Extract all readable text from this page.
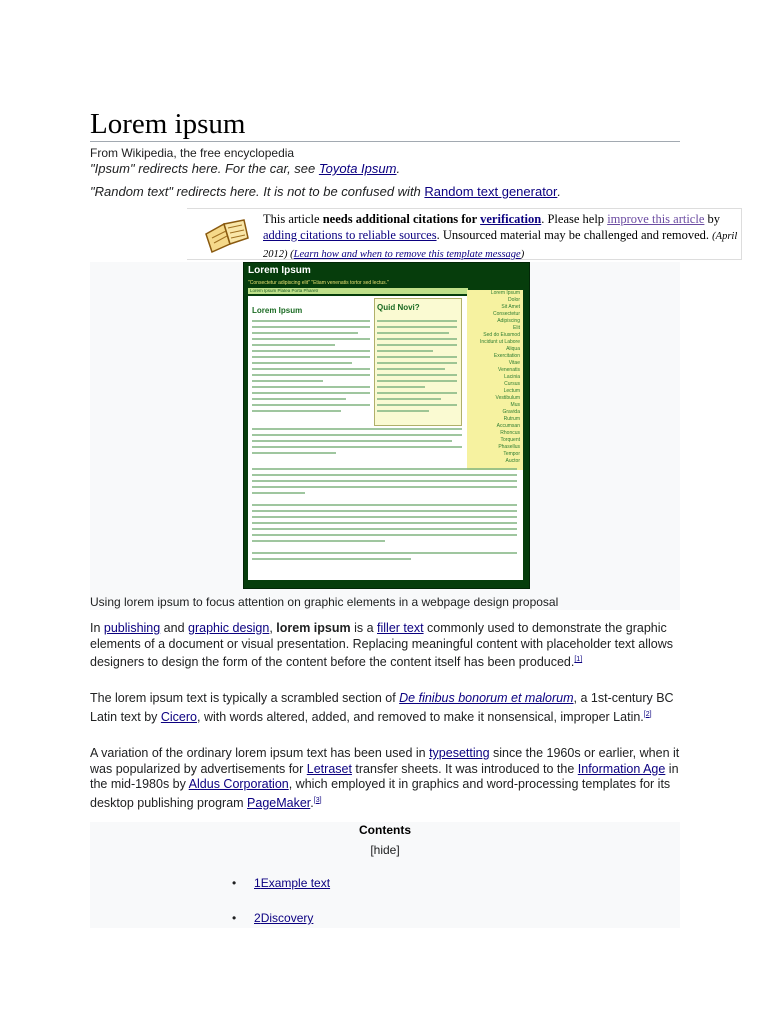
Lorem ipsum
From Wikipedia, the free encyclopedia
"Ipsum" redirects here. For the car, see Toyota Ipsum.
"Random text" redirects here. It is not to be confused with Random text generator.
This article needs additional citations for verification. Please help improve this article by adding citations to reliable sources. Unsourced material may be challenged and removed. (April 2012) (Learn how and when to remove this template message)
Lorem Ipsum
"Consectetur adipiscing elit" "Etiam venenatis tortor sed lectus."
Lorem Ipsum Platea Porta Pharetr	Lorem Ipsum
Dolor
Sit Amet
Consectetur
Adipiscing
Elit
Sed do Eiusmod
Incidunt ut Labore
Aliqua
Exercitation
Vitae
Venenatis
Lacinia
Cursus
Lectum
Vestibulum
Mus
Gravida
Rutrum
Accumsan
Rhoncus
Torquent
Phasellus
Tempor
Auctor
Lorem Ipsum	Quid Novi?
Using lorem ipsum to focus attention on graphic elements in a webpage design proposal
In publishing and graphic design, lorem ipsum is a filler text commonly used to demonstrate the graphic elements of a document or visual presentation. Replacing meaningful content with placeholder text allows designers to design the form of the content before the content itself has been produced.[1]
The lorem ipsum text is typically a scrambled section of De finibus bonorum et malorum, a 1st-century BC Latin text by Cicero, with words altered, added, and removed to make it nonsensical, improper Latin.[2]
A variation of the ordinary lorem ipsum text has been used in typesetting since the 1960s or earlier, when it was popularized by advertisements for Letraset transfer sheets. It was introduced to the Information Age in the mid-1980s by Aldus Corporation, which employed it in graphics and word-processing templates for its desktop publishing program PageMaker.[3]
Contents
[hide]
• 1Example text
• 2Discovery
